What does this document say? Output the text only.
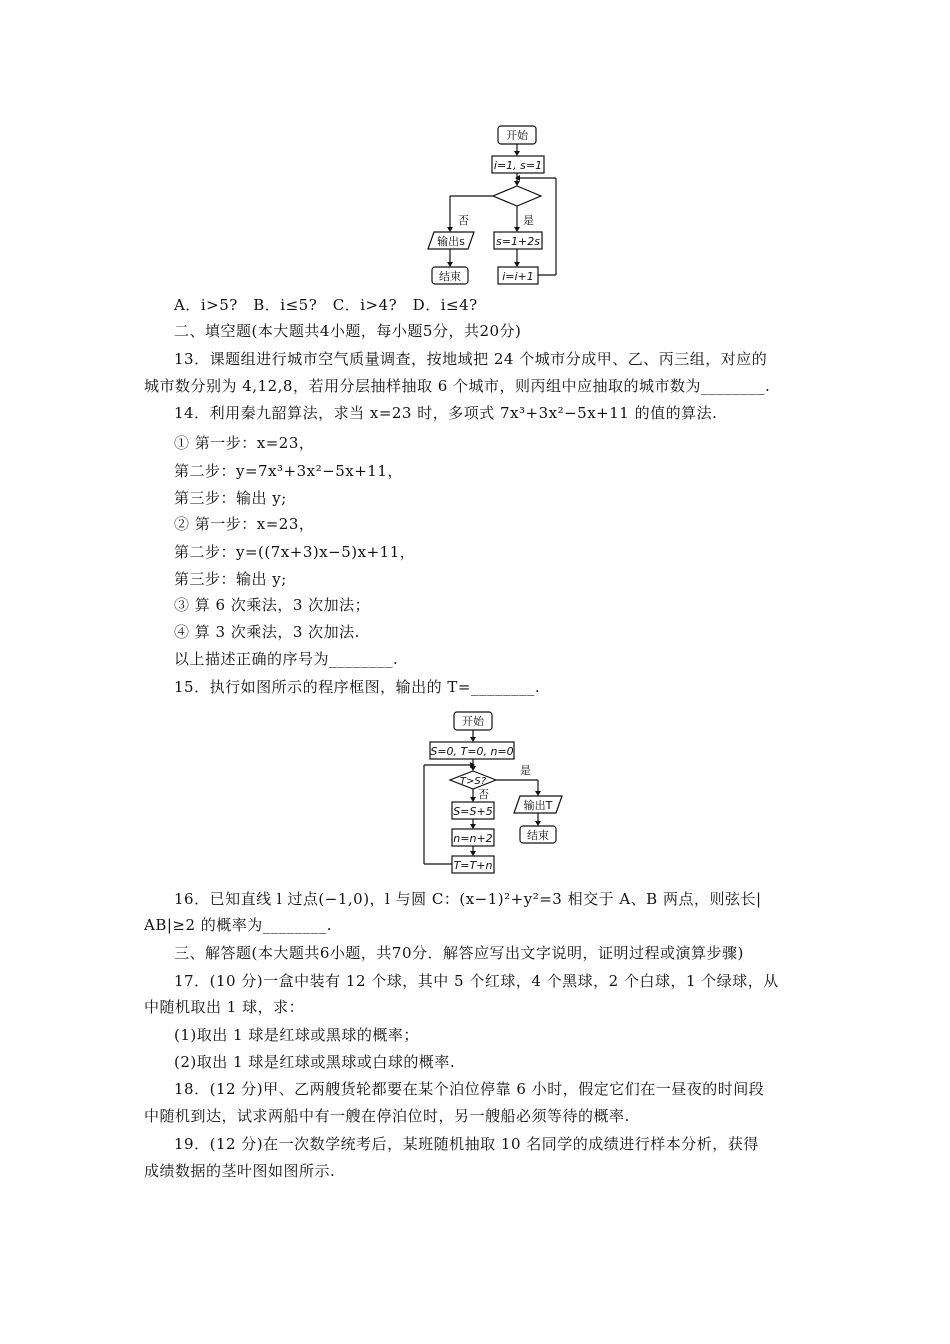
开始
i=1, s=1
否	是
输出s	s=1+2s
结束	i=i+1
A．i>5?　B．i≤5?　C．i>4?　D．i≤4?
二、填空题(本大题共4小题，每小题5分，共20分)
13．课题组进行城市空气质量调查，按地域把 24 个城市分成甲、乙、丙三组，对应的
城市数分别为 4,12,8，若用分层抽样抽取 6 个城市，则丙组中应抽取的城市数为________.
14．利用秦九韶算法，求当 x=23 时，多项式 7x³+3x²−5x+11 的值的算法.
① 第一步：x=23，
第二步：y=7x³+3x²−5x+11，
第三步：输出 y;
② 第一步：x=23，
第二步：y=((7x+3)x−5)x+11，
第三步：输出 y;
③ 算 6 次乘法，3 次加法；
④ 算 3 次乘法，3 次加法.
以上描述正确的序号为________.
15．执行如图所示的程序框图，输出的 T=________.
开始
S=0, T=0, n=0
T>S?
是
输出T
结束
否
S=S+5
n=n+2
T=T+n
16．已知直线 l 过点(−1,0)，l 与圆 C：(x−1)²+y²=3 相交于 A、B 两点，则弦长|
AB|≥2 的概率为________.
三、解答题(本大题共6小题，共70分．解答应写出文字说明，证明过程或演算步骤)
17．(10 分)一盒中装有 12 个球，其中 5 个红球，4 个黑球，2 个白球，1 个绿球，从
中随机取出 1 球，求：
(1)取出 1 球是红球或黑球的概率；
(2)取出 1 球是红球或黑球或白球的概率.
18．(12 分)甲、乙两艘货轮都要在某个泊位停靠 6 小时，假定它们在一昼夜的时间段
中随机到达，试求两船中有一艘在停泊位时，另一艘船必须等待的概率.
19．(12 分)在一次数学统考后，某班随机抽取 10 名同学的成绩进行样本分析，获得
成绩数据的茎叶图如图所示.
